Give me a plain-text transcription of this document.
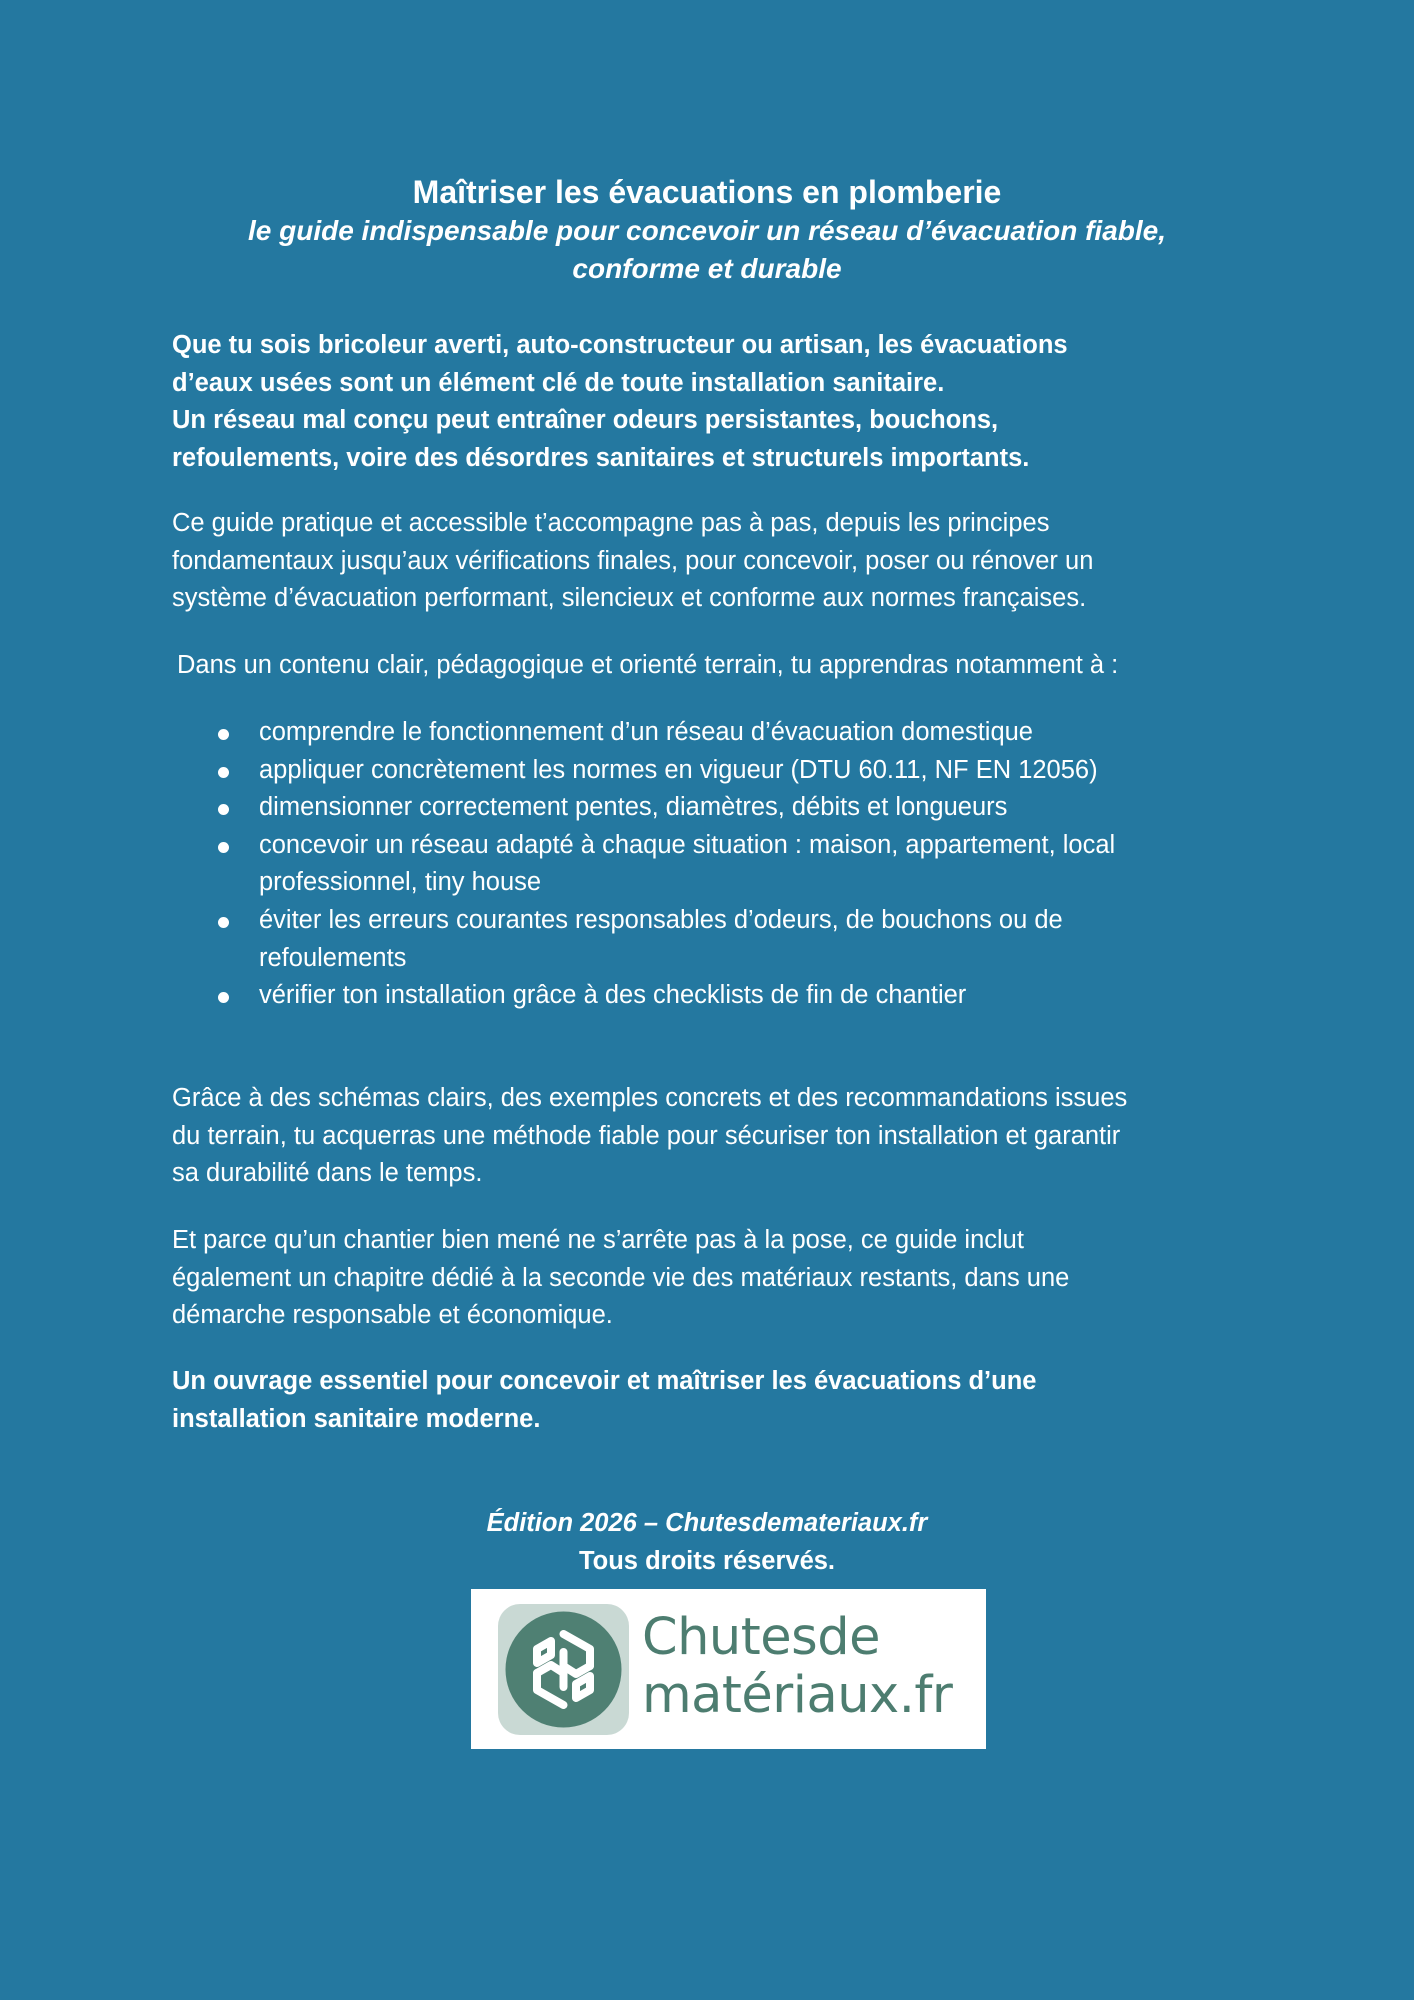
Maîtriser les évacuations en plomberie

le guide indispensable pour concevoir un réseau d’évacuation fiable,
conforme et durable

Que tu sois bricoleur averti, auto-constructeur ou artisan, les évacuations
d’eaux usées sont un élément clé de toute installation sanitaire.
Un réseau mal conçu peut entraîner odeurs persistantes, bouchons,
refoulements, voire des désordres sanitaires et structurels importants.

Ce guide pratique et accessible t’accompagne pas à pas, depuis les principes
fondamentaux jusqu’aux vérifications finales, pour concevoir, poser ou rénover un
système d’évacuation performant, silencieux et conforme aux normes françaises.

Dans un contenu clair, pédagogique et orienté terrain, tu apprendras notamment à :

comprendre le fonctionnement d’un réseau d’évacuation domestique
appliquer concrètement les normes en vigueur (DTU 60.11, NF EN 12056)
dimensionner correctement pentes, diamètres, débits et longueurs
concevoir un réseau adapté à chaque situation : maison, appartement, local
professionnel, tiny house
éviter les erreurs courantes responsables d’odeurs, de bouchons ou de
refoulements
vérifier ton installation grâce à des checklists de fin de chantier

Grâce à des schémas clairs, des exemples concrets et des recommandations issues
du terrain, tu acquerras une méthode fiable pour sécuriser ton installation et garantir
sa durabilité dans le temps.

Et parce qu’un chantier bien mené ne s’arrête pas à la pose, ce guide inclut
également un chapitre dédié à la seconde vie des matériaux restants, dans une
démarche responsable et économique.

Un ouvrage essentiel pour concevoir et maîtriser les évacuations d’une
installation sanitaire moderne.

Édition 2026 – Chutesdemateriaux.fr
Tous droits réservés.
Chutesde
matériaux.fr
